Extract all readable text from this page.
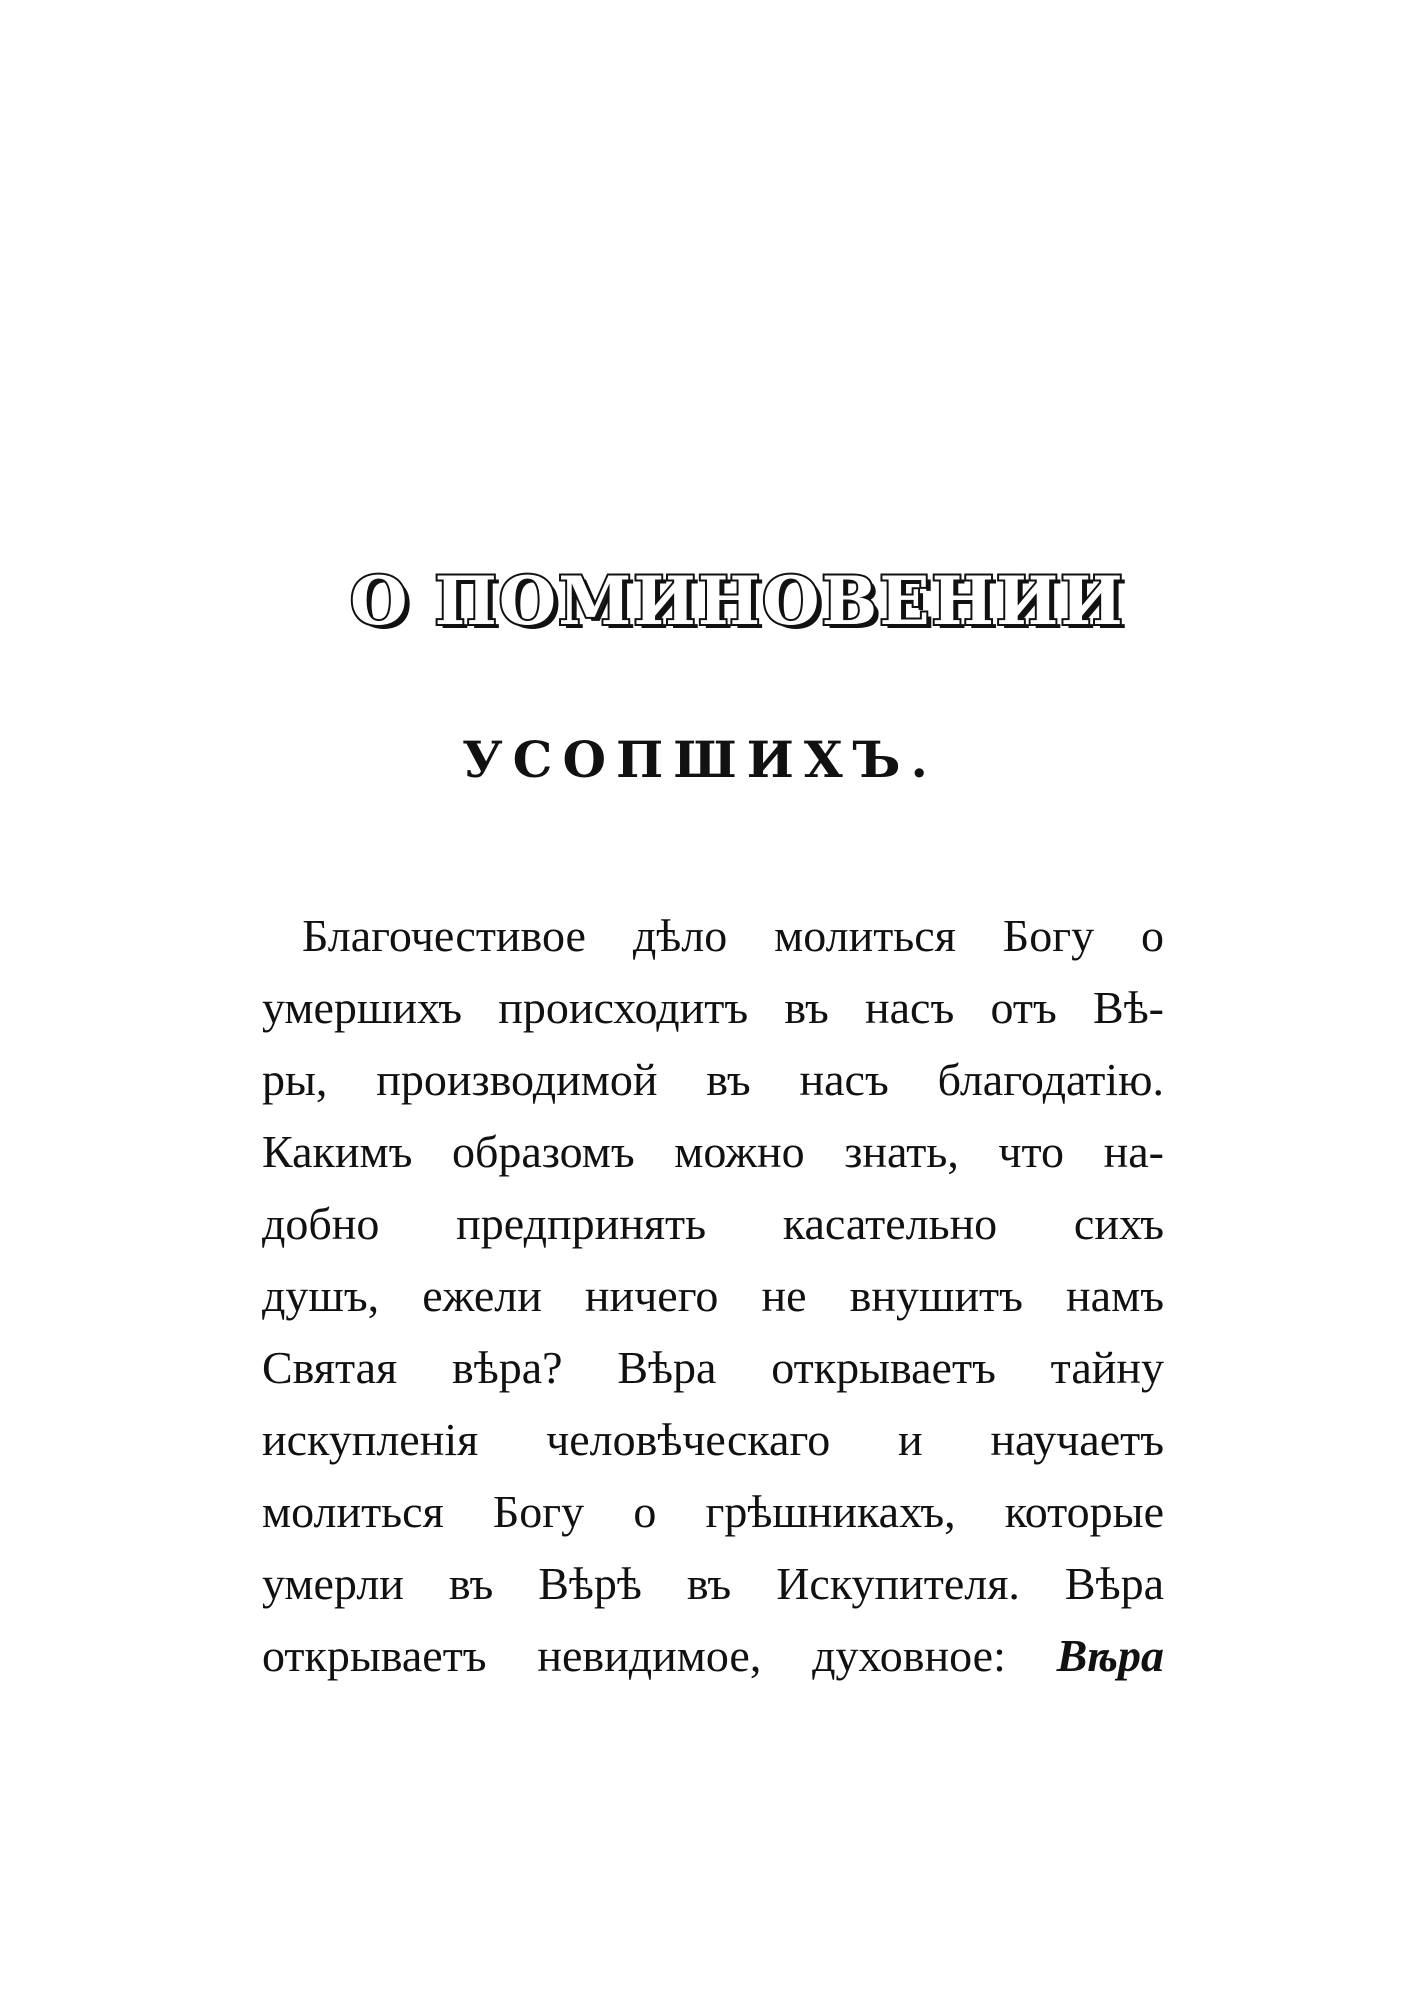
О ПОМИНОВЕНИИ
УСОПШИХЪ.
Благочестивое дѣло молиться Богу о
умершихъ происходитъ въ насъ отъ Вѣ-
ры, производимой въ насъ благодатію.
Какимъ образомъ можно знать, что на-
добно предпринять касательно сихъ
душъ, ежели ничего не внушитъ намъ
Святая вѣра? Вѣра открываетъ тайну
искупленія человѣческаго и научаетъ
молиться Богу о грѣшникахъ, которые
умерли въ Вѣрѣ въ Искупителя. Вѣра
открываетъ невидимое, духовное: Вѣра
